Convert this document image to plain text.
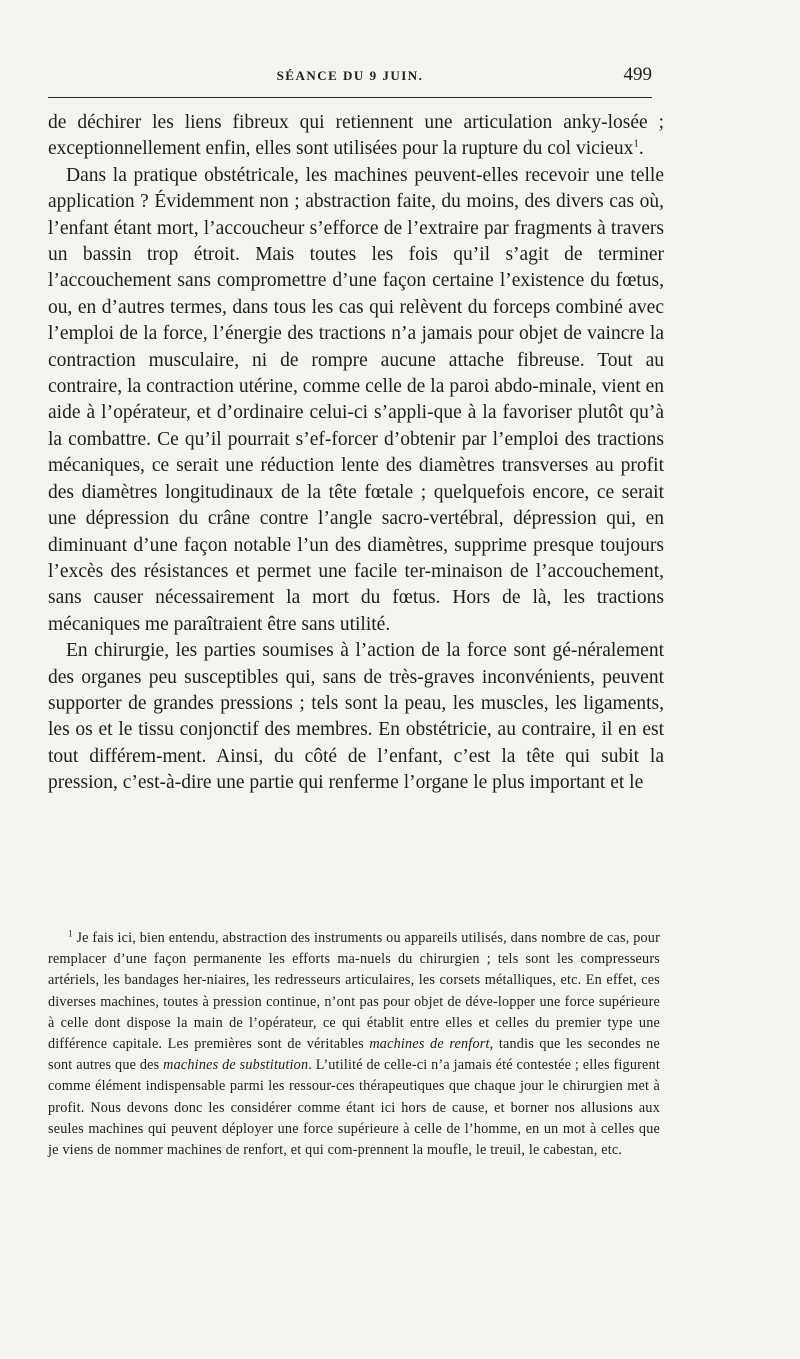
SÉANCE DU 9 JUIN.	499

de déchirer les liens fibreux qui retiennent une articulation anky-losée ; exceptionnellement enfin, elles sont utilisées pour la rupture du col vicieux$^1$.

Dans la pratique obstétricale, les machines peuvent-elles recevoir une telle application ? Évidemment non ; abstraction faite, du moins, des divers cas où, l’enfant étant mort, l’accoucheur s’efforce de l’extraire par fragments à travers un bassin trop étroit. Mais toutes les fois qu’il s’agit de terminer l’accouchement sans compromettre d’une façon certaine l’existence du fœtus, ou, en d’autres termes, dans tous les cas qui relèvent du forceps combiné avec l’emploi de la force, l’énergie des tractions n’a jamais pour objet de vaincre la contraction musculaire, ni de rompre aucune attache fibreuse. Tout au contraire, la contraction utérine, comme celle de la paroi abdo-minale, vient en aide à l’opérateur, et d’ordinaire celui-ci s’appli-que à la favoriser plutôt qu’à la combattre. Ce qu’il pourrait s’ef-forcer d’obtenir par l’emploi des tractions mécaniques, ce serait une réduction lente des diamètres transverses au profit des diamètres longitudinaux de la tête fœtale ; quelquefois encore, ce serait une dépression du crâne contre l’angle sacro-vertébral, dépression qui, en diminuant d’une façon notable l’un des diamètres, supprime presque toujours l’excès des résistances et permet une facile ter-minaison de l’accouchement, sans causer nécessairement la mort du fœtus. Hors de là, les tractions mécaniques me paraîtraient être sans utilité.

En chirurgie, les parties soumises à l’action de la force sont gé-néralement des organes peu susceptibles qui, sans de très-graves inconvénients, peuvent supporter de grandes pressions ; tels sont la peau, les muscles, les ligaments, les os et le tissu conjonctif des membres. En obstétricie, au contraire, il en est tout différem-ment. Ainsi, du côté de l’enfant, c’est la tête qui subit la pression, c’est-à-dire une partie qui renferme l’organe le plus important et le

$^1$ Je fais ici, bien entendu, abstraction des instruments ou appareils utilisés, dans nombre de cas, pour remplacer d’une façon permanente les efforts ma-nuels du chirurgien ; tels sont les compresseurs artériels, les bandages her-niaires, les redresseurs articulaires, les corsets métalliques, etc. En effet, ces diverses machines, toutes à pression continue, n’ont pas pour objet de déve-lopper une force supérieure à celle dont dispose la main de l’opérateur, ce qui établit entre elles et celles du premier type une différence capitale. Les premières sont de véritables machines de renfort, tandis que les secondes ne sont autres que des machines de substitution. L’utilité de celle-ci n’a jamais été contestée ; elles figurent comme élément indispensable parmi les ressour-ces thérapeutiques que chaque jour le chirurgien met à profit. Nous devons donc les considérer comme étant ici hors de cause, et borner nos allusions aux seules machines qui peuvent déployer une force supérieure à celle de l’homme, en un mot à celles que je viens de nommer machines de renfort, et qui com-prennent la moufle, le treuil, le cabestan, etc.
